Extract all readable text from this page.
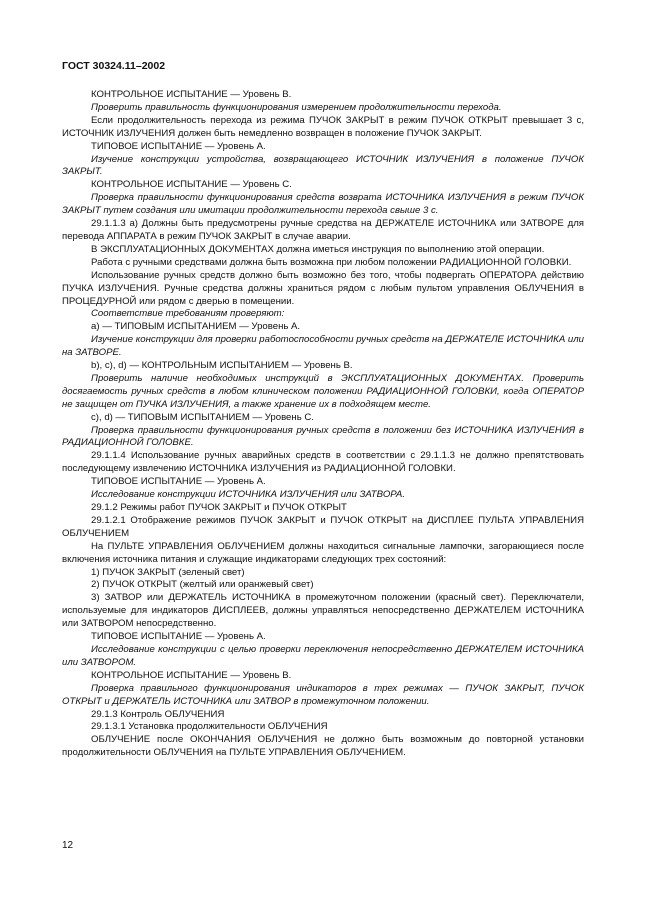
ГОСТ 30324.11–2002

КОНТРОЛЬНОЕ ИСПЫТАНИЕ — Уровень В.

Проверить правильность функционирования измерением продолжительности перехода.

Если продолжительность перехода из режима ПУЧОК ЗАКРЫТ в режим ПУЧОК ОТКРЫТ превышает 3 с, ИСТОЧНИК ИЗЛУЧЕНИЯ должен быть немедленно возвращен в положение ПУЧОК ЗАКРЫТ.

ТИПОВОЕ ИСПЫТАНИЕ — Уровень А.

Изучение конструкции устройства, возвращающего ИСТОЧНИК ИЗЛУЧЕНИЯ в положение ПУЧОК ЗАКРЫТ.

КОНТРОЛЬНОЕ ИСПЫТАНИЕ — Уровень С.

Проверка правильности функционирования средств возврата ИСТОЧНИКА ИЗЛУЧЕНИЯ в режим ПУЧОК ЗАКРЫТ путем создания или имитации продолжительности перехода свыше 3 с.

29.1.1.3 а) Должны быть предусмотрены ручные средства на ДЕРЖАТЕЛЕ ИСТОЧНИКА или ЗАТВОРЕ для перевода АППАРАТА в режим ПУЧОК ЗАКРЫТ в случае аварии.

В ЭКСПЛУАТАЦИОННЫХ ДОКУМЕНТАХ должна иметься инструкция по выполнению этой операции.

Работа с ручными средствами должна быть возможна при любом положении РАДИАЦИОННОЙ ГОЛОВКИ.

Использование ручных средств должно быть возможно без того, чтобы подвергать ОПЕРАТОРА действию ПУЧКА ИЗЛУЧЕНИЯ. Ручные средства должны храниться рядом с любым пультом управления ОБЛУЧЕНИЯ в ПРОЦЕДУРНОЙ или рядом с дверью в помещении.

Соответствие требованиям проверяют:

а) — ТИПОВЫМ ИСПЫТАНИЕМ — Уровень А.

Изучение конструкции для проверки работоспособности ручных средств на ДЕРЖАТЕЛЕ ИСТОЧНИКА или на ЗАТВОРЕ.

b), с), d) — КОНТРОЛЬНЫМ ИСПЫТАНИЕМ — Уровень В.

Проверить наличие необходимых инструкций в ЭКСПЛУАТАЦИОННЫХ ДОКУМЕНТАХ. Проверить досягаемость ручных средств в любом клиническом положении РАДИАЦИОННОЙ ГОЛОВКИ, когда ОПЕРАТОР не защищен от ПУЧКА ИЗЛУЧЕНИЯ, а также хранение их в подходящем месте.

с), d) — ТИПОВЫМ ИСПЫТАНИЕМ — Уровень С.

Проверка правильности функционирования ручных средств в положении без ИСТОЧНИКА ИЗЛУЧЕНИЯ в РАДИАЦИОННОЙ ГОЛОВКЕ.

29.1.1.4 Использование ручных аварийных средств в соответствии с 29.1.1.3 не должно препятствовать последующему извлечению ИСТОЧНИКА ИЗЛУЧЕНИЯ из РАДИАЦИОННОЙ ГОЛОВКИ.

ТИПОВОЕ ИСПЫТАНИЕ — Уровень А.

Исследование конструкции ИСТОЧНИКА ИЗЛУЧЕНИЯ или ЗАТВОРА.

29.1.2 Режимы работ ПУЧОК ЗАКРЫТ и ПУЧОК ОТКРЫТ

29.1.2.1 Отображение режимов ПУЧОК ЗАКРЫТ и ПУЧОК ОТКРЫТ на ДИСПЛЕЕ ПУЛЬТА УПРАВЛЕНИЯ ОБЛУЧЕНИЕМ

На ПУЛЬТЕ УПРАВЛЕНИЯ ОБЛУЧЕНИЕМ должны находиться сигнальные лампочки, загорающиеся после включения источника питания и служащие индикаторами следующих трех состояний:

1) ПУЧОК ЗАКРЫТ (зеленый свет)

2) ПУЧОК ОТКРЫТ (желтый или оранжевый свет)

3) ЗАТВОР или ДЕРЖАТЕЛЬ ИСТОЧНИКА в промежуточном положении (красный свет). Переключатели, используемые для индикаторов ДИСПЛЕЕВ, должны управляться непосредственно ДЕРЖАТЕЛЕМ ИСТОЧНИКА или ЗАТВОРОМ непосредственно.

ТИПОВОЕ ИСПЫТАНИЕ — Уровень А.

Исследование конструкции с целью проверки переключения непосредственно ДЕРЖАТЕЛЕМ ИСТОЧНИКА или ЗАТВОРОМ.

КОНТРОЛЬНОЕ ИСПЫТАНИЕ — Уровень В.

Проверка правильного функционирования индикаторов в трех режимах — ПУЧОК ЗАКРЫТ, ПУЧОК ОТКРЫТ и ДЕРЖАТЕЛЬ ИСТОЧНИКА или ЗАТВОР в промежуточном положении.

29.1.3 Контроль ОБЛУЧЕНИЯ

29.1.3.1 Установка продолжительности ОБЛУЧЕНИЯ

ОБЛУЧЕНИЕ после ОКОНЧАНИЯ ОБЛУЧЕНИЯ не должно быть возможным до повторной установки продолжительности ОБЛУЧЕНИЯ на ПУЛЬТЕ УПРАВЛЕНИЯ ОБЛУЧЕНИЕМ.

12
